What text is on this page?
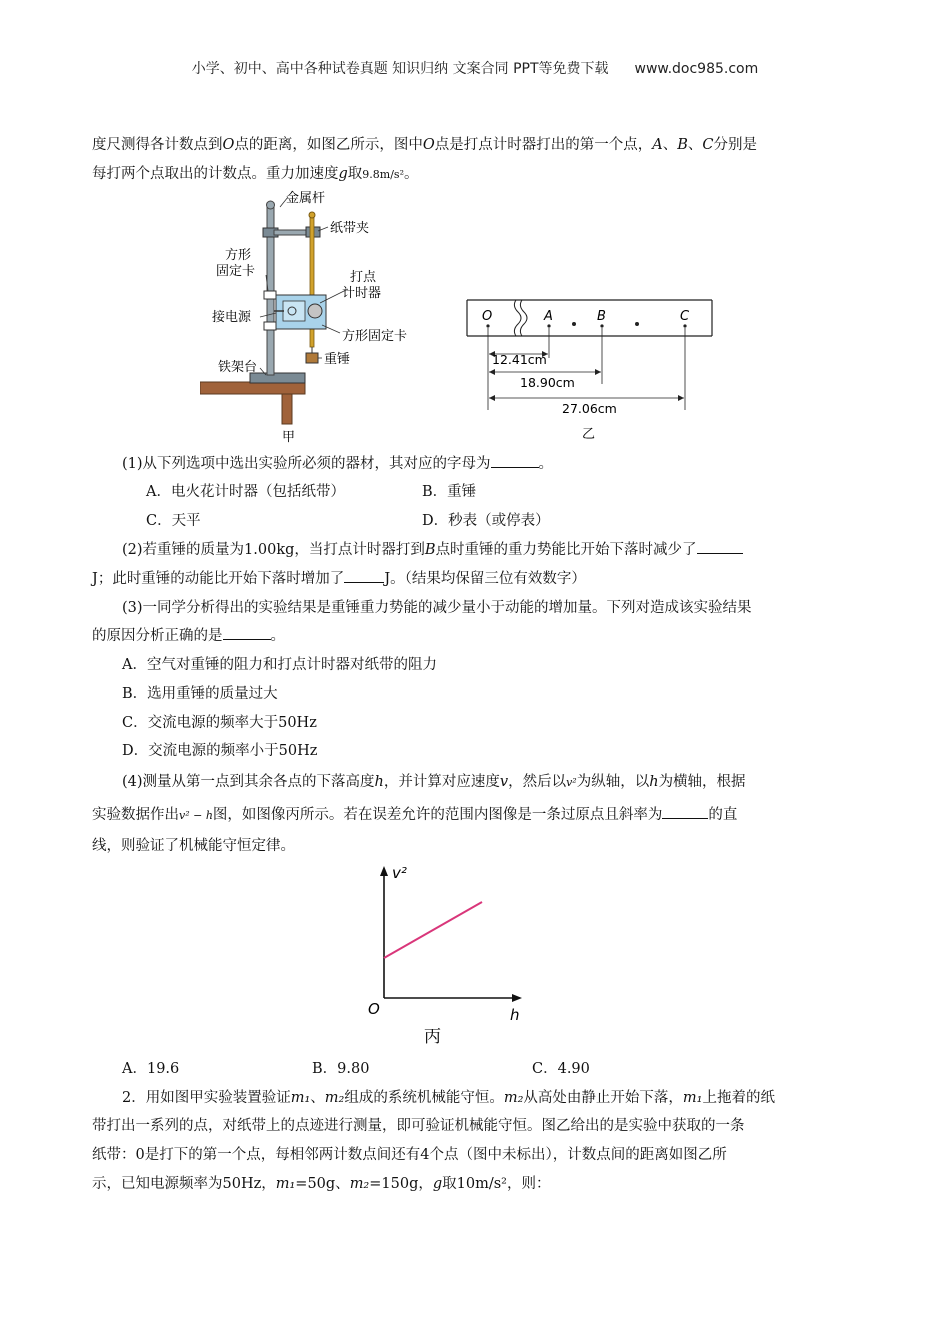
小学、初中、高中各种试卷真题 知识归纳 文案合同 PPT等免费下载 www.doc985.com
度尺测得各计数点到O点的距离，如图乙所示，图中O点是打点计时器打出的第一个点，A、B、C分别是
每打两个点取出的计数点。重力加速度g取9.8m/s²。
金属杆
纸带夹
方形
固定卡	打点
计时器
接电源
方形固定卡
重锤
铁架台
甲
O	A	B	C
12.41cm
18.90cm
27.06cm
乙
(1)从下列选项中选出实验所必须的器材，其对应的字母为	。
A．电火花计时器（包括纸带）	B．重锤
C．天平	D．秒表（或停表）
(2)若重锤的质量为1.00kg，当打点计时器打到B点时重锤的重力势能比开始下落时减少了
J；此时重锤的动能比开始下落时增加了	J。（结果均保留三位有效数字）
(3)一同学分析得出的实验结果是重锤重力势能的减少量小于动能的增加量。下列对造成该实验结果
的原因分析正确的是	。
A．空气对重锤的阻力和打点计时器对纸带的阻力
B．选用重锤的质量过大
C．交流电源的频率大于50Hz
D．交流电源的频率小于50Hz
(4)测量从第一点到其余各点的下落高度h，并计算对应速度v，然后以v²为纵轴，以h为横轴，根据
实验数据作出v² − h图，如图像丙所示。若在误差允许的范围内图像是一条过原点且斜率为	的直
线，则验证了机械能守恒定律。
v²
O	h
丙
A．19.6	B．9.80	C．4.90
2．用如图甲实验装置验证m₁、m₂组成的系统机械能守恒。m₂从高处由静止开始下落，m₁上拖着的纸
带打出一系列的点，对纸带上的点迹进行测量，即可验证机械能守恒。图乙给出的是实验中获取的一条
纸带：0是打下的第一个点，每相邻两计数点间还有4个点（图中未标出），计数点间的距离如图乙所
示，已知电源频率为50Hz，m₁=50g、m₂=150g，g取10m/s²，则：
